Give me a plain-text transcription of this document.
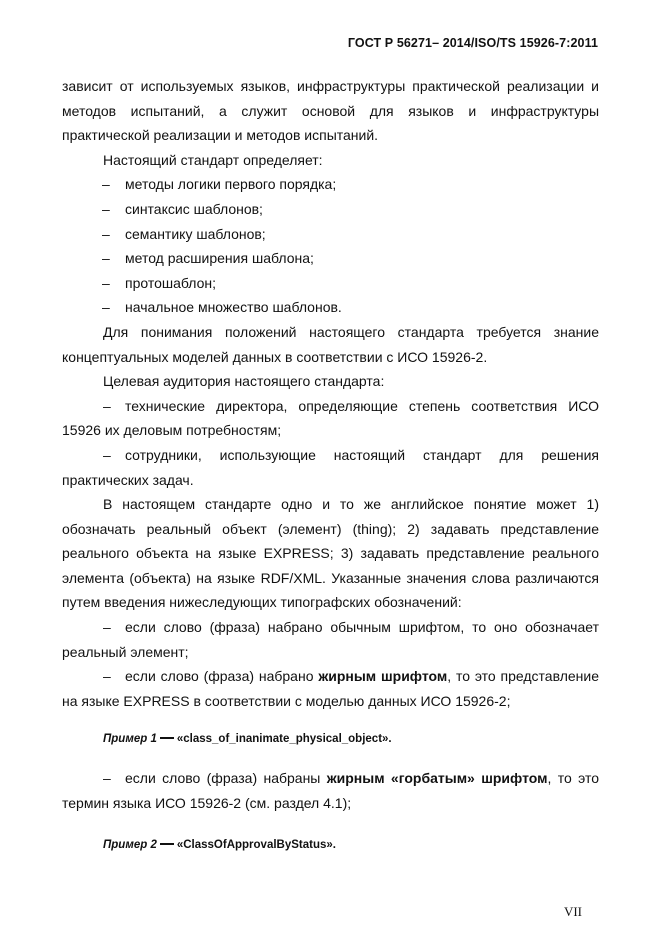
ГОСТ Р 56271– 2014/ISO/TS 15926-7:2011

зависит от используемых языков, инфраструктуры практической реализации и методов испытаний, а служит основой для языков и инфраструктуры практической реализации и методов испытаний.

Настоящий стандарт определяет:

– методы логики первого порядка;

– синтаксис шаблонов;

– семантику шаблонов;

– метод расширения шаблона;

– протошаблон;

– начальное множество шаблонов.

Для понимания положений настоящего стандарта требуется знание концептуальных моделей данных в соответствии с ИСО 15926-2.

Целевая аудитория настоящего стандарта:

– технические директора, определяющие степень соответствия ИСО 15926 их деловым потребностям;

– сотрудники, использующие настоящий стандарт для решения практических задач.

В настоящем стандарте одно и то же английское понятие может 1) обозначать реальный объект (элемент) (thing); 2) задавать представление реального объекта на языке EXPRESS; 3) задавать представление реального элемента (объекта) на языке RDF/XML. Указанные значения слова различаются путем введения нижеследующих типографских обозначений:

– если слово (фраза) набрано обычным шрифтом, то оно обозначает реальный элемент;

– если слово (фраза) набрано жирным шрифтом, то это представление на языке EXPRESS в соответствии с моделью данных ИСО 15926-2;

Пример 1 «class_of_inanimate_physical_object».

– если слово (фраза) набраны жирным «горбатым» шрифтом, то это термин языка ИСО 15926-2 (см. раздел 4.1);

Пример 2 «ClassOfApprovalByStatus».

VII
